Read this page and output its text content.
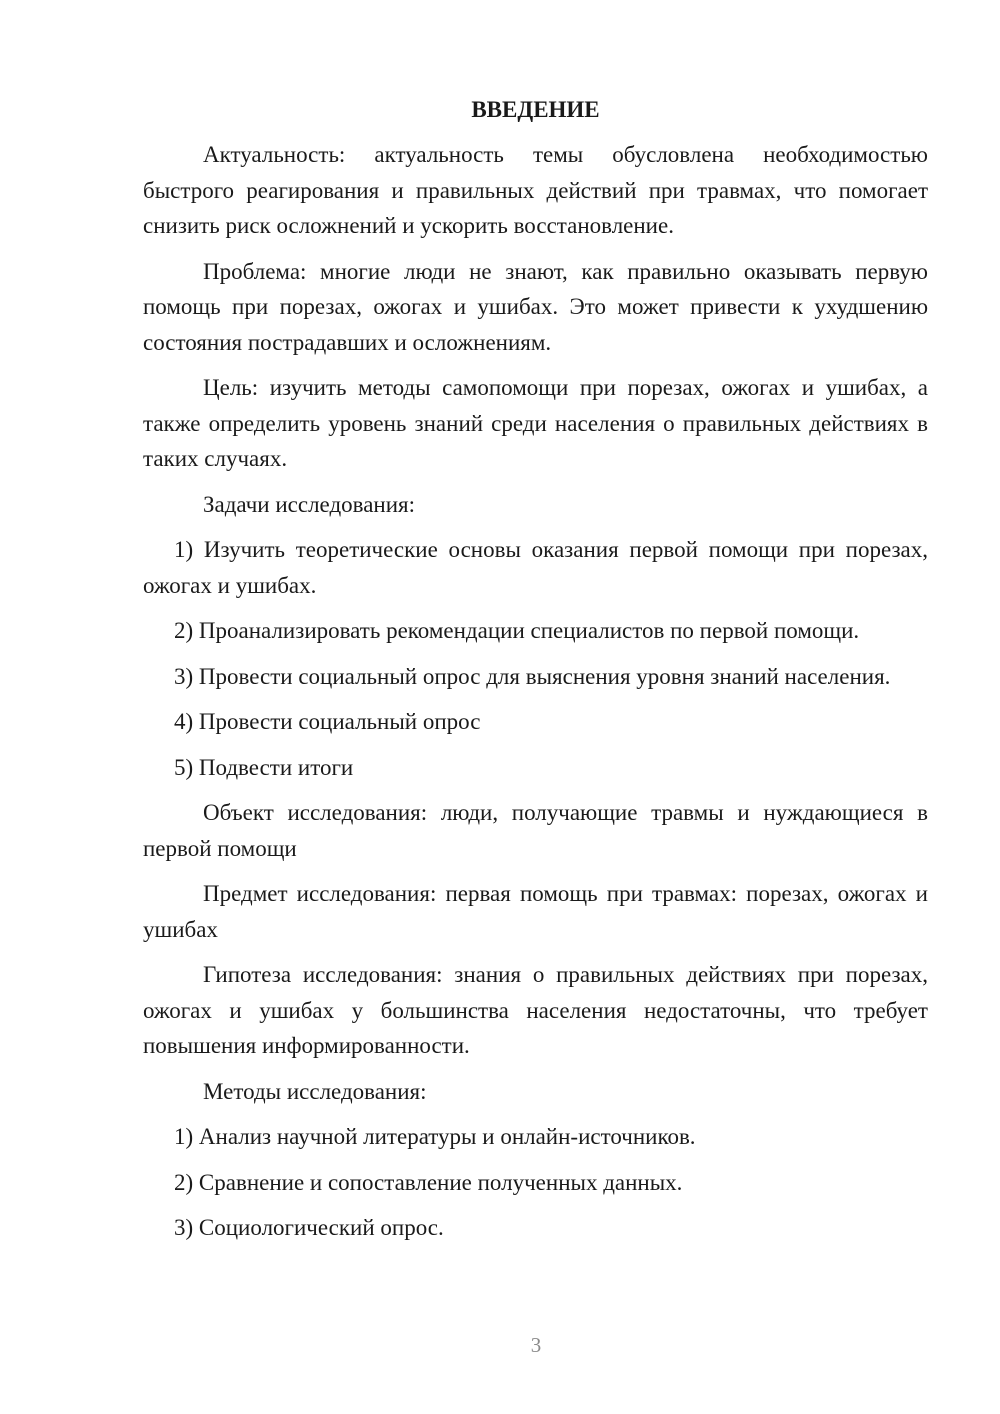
ВВЕДЕНИЕ

Актуальность: актуальность темы обусловлена необходимостью быстрого реагирования и правильных действий при травмах, что помогает снизить риск осложнений и ускорить восстановление.

Проблема: многие люди не знают, как правильно оказывать первую помощь при порезах, ожогах и ушибах. Это может привести к ухудшению состояния пострадавших и осложнениям.

Цель: изучить методы самопомощи при порезах, ожогах и ушибах, а также определить уровень знаний среди населения о правильных действиях в таких случаях.

Задачи исследования:

1) Изучить теоретические основы оказания первой помощи при порезах, ожогах и ушибах.

2) Проанализировать рекомендации специалистов по первой помощи.

3) Провести социальный опрос для выяснения уровня знаний населения.

4) Провести социальный опрос

5) Подвести итоги

Объект исследования: люди, получающие травмы и нуждающиеся в первой помощи

Предмет исследования: первая помощь при травмах: порезах, ожогах и ушибах

Гипотеза исследования: знания о правильных действиях при порезах, ожогах и ушибах у большинства населения недостаточны, что требует повышения информированности.

Методы исследования:

1) Анализ научной литературы и онлайн-источников.

2) Сравнение и сопоставление полученных данных.

3) Социологический опрос.

3
